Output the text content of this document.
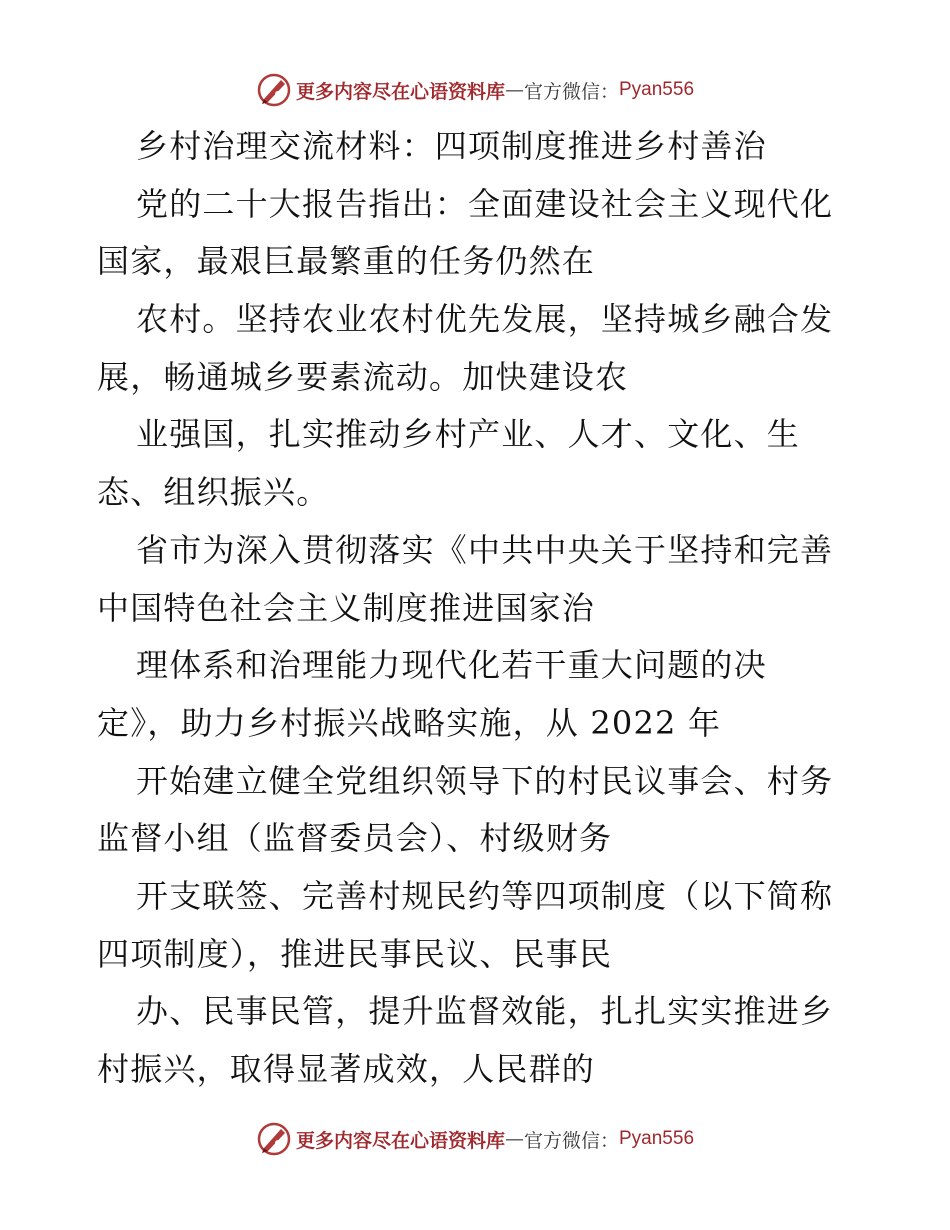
更多内容尽在心语资料库 — 官方微信： Pyan556
乡村治理交流材料：四项制度推进乡村善治
党的二十大报告指出：全面建设社会主义现代化
国家，最艰巨最繁重的任务仍然在
农村。坚持农业农村优先发展，坚持城乡融合发
展，畅通城乡要素流动。加快建设农
业强国，扎实推动乡村产业、人才、文化、生
态、组织振兴。
省市为深入贯彻落实《中共中央关于坚持和完善
中国特色社会主义制度推进国家治
理体系和治理能力现代化若干重大问题的决
定》，助力乡村振兴战略实施，从 2022 年
开始建立健全党组织领导下的村民议事会、村务
监督小组（监督委员会）、村级财务
开支联签、完善村规民约等四项制度（以下简称
四项制度），推进民事民议、民事民
办、民事民管，提升监督效能，扎扎实实推进乡
村振兴，取得显著成效，人民群的
更多内容尽在心语资料库 — 官方微信： Pyan556
